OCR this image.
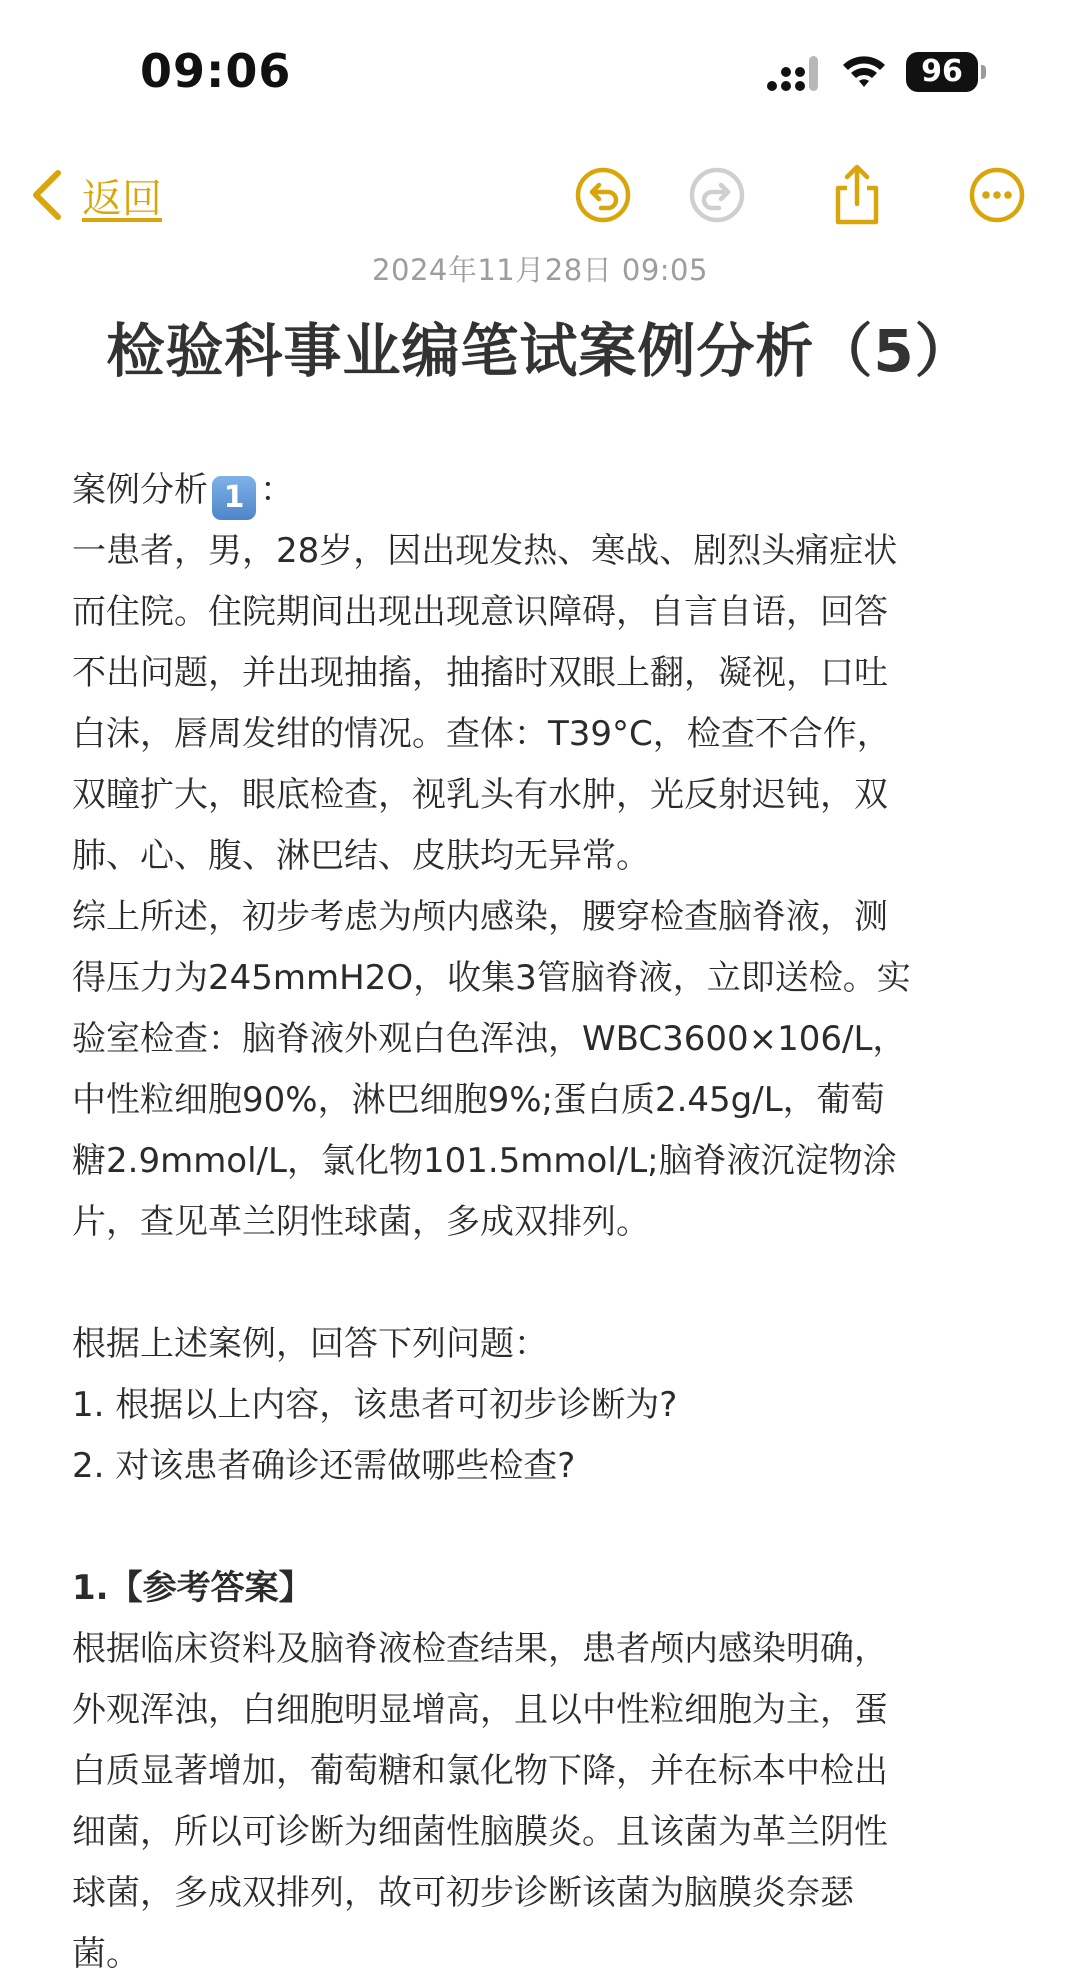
09:06	96
返回
2024年11月28日 09:05
检验科事业编笔试案例分析（5）
案例分析 1 ：
一患者，男，28岁，因出现发热、寒战、剧烈头痛症状
而住院。住院期间出现出现意识障碍，自言自语，回答
不出问题，并出现抽搐，抽搐时双眼上翻，凝视，口吐
白沫，唇周发绀的情况。查体：T39°C，检查不合作，
双瞳扩大，眼底检查，视乳头有水肿，光反射迟钝，双
肺、心、腹、淋巴结、皮肤均无异常。
综上所述，初步考虑为颅内感染，腰穿检查脑脊液，测
得压力为245mmH2O，收集3管脑脊液，立即送检。实
验室检查：脑脊液外观白色浑浊，WBC3600×106/L，
中性粒细胞90%，淋巴细胞9%;蛋白质2.45g/L，葡萄
糖2.9mmol/L，氯化物101.5mmol/L;脑脊液沉淀物涂
片，查见革兰阴性球菌，多成双排列。
根据上述案例，回答下列问题：
1. 根据以上内容，该患者可初步诊断为?
2. 对该患者确诊还需做哪些检查?
1.【参考答案】
根据临床资料及脑脊液检查结果，患者颅内感染明确，
外观浑浊，白细胞明显增高，且以中性粒细胞为主，蛋
白质显著增加，葡萄糖和氯化物下降，并在标本中检出
细菌，所以可诊断为细菌性脑膜炎。且该菌为革兰阴性
球菌，多成双排列，故可初步诊断该菌为脑膜炎奈瑟
菌。
